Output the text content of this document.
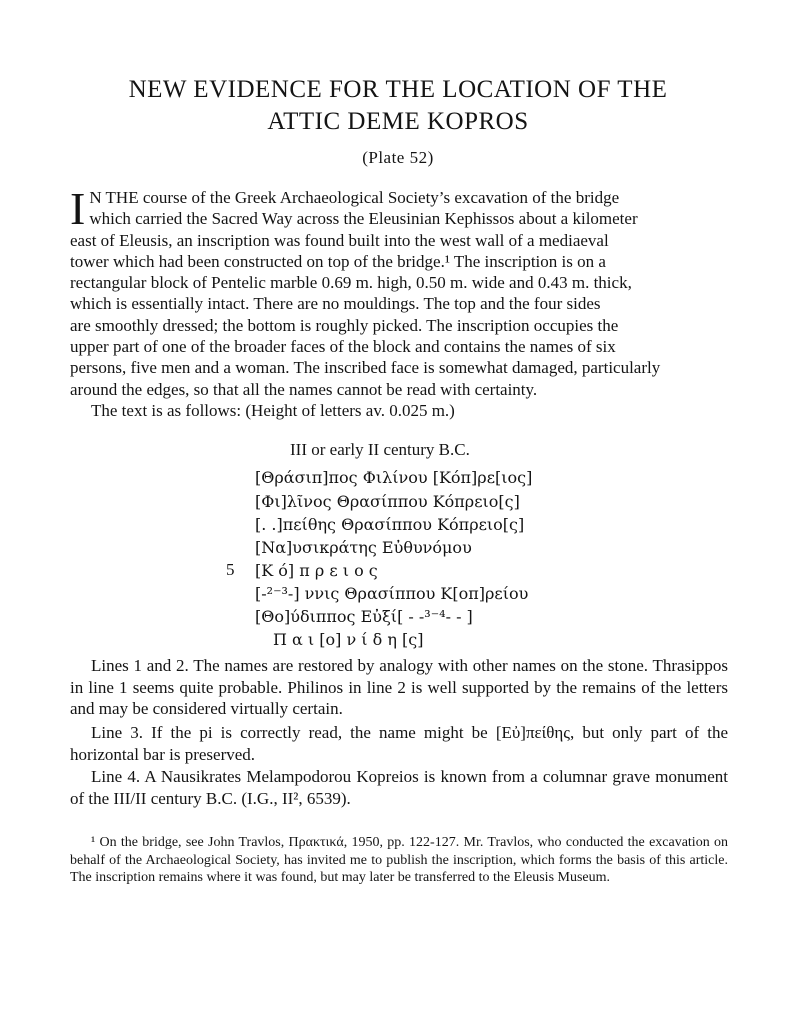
NEW EVIDENCE FOR THE LOCATION OF THE
ATTIC DEME KOPROS
(Plate 52)
I N THE course of the Greek Archaeological Society’s excavation of the bridge
which carried the Sacred Way across the Eleusinian Kephissos about a kilometer
east of Eleusis, an inscription was found built into the west wall of a mediaeval
tower which had been constructed on top of the bridge.¹ The inscription is on a
rectangular block of Pentelic marble 0.69 m. high, 0.50 m. wide and 0.43 m. thick,
which is essentially intact. There are no mouldings. The top and the four sides
are smoothly dressed; the bottom is roughly picked. The inscription occupies the
upper part of one of the broader faces of the block and contains the names of six
persons, five men and a woman. The inscribed face is somewhat damaged, particularly
around the edges, so that all the names cannot be read with certainty.
The text is as follows: (Height of letters av. 0.025 m.)
III or early II century B.C.
[Θράσιπ]πος Φιλίνου [Κόπ]ρε[ιος]
[Φι]λῖνος Θρασίππου Κόπρειο[ς]
[. .]πείθης Θρασίππου Κόπρειο[ς]
[Να]υσικράτης Εὐθυνόμου
5 [Κ ό] π ρ ε ι ο ς
[-²⁻³-] ννις Θρασίππου Κ[οπ]ρείου
[Θο]ύδιππος Εὐξί[ - -³⁻⁴- - ]
Π α ι [ο] ν ί δ η [ς]
Lines 1 and 2. The names are restored by analogy with other names on the stone. Thrasippos in line 1 seems quite probable. Philinos in line 2 is well supported by the remains of the letters and may be considered virtually certain.
Line 3. If the pi is correctly read, the name might be [Εὐ]πείθης, but only part of the horizontal bar is preserved.
Line 4. A Nausikrates Melampodorou Kopreios is known from a columnar grave monument of the III/II century B.C. (I.G., II², 6539).
¹ On the bridge, see John Travlos, Πρακτικά, 1950, pp. 122-127. Mr. Travlos, who conducted the excavation on behalf of the Archaeological Society, has invited me to publish the inscription, which forms the basis of this article. The inscription remains where it was found, but may later be transferred to the Eleusis Museum.
